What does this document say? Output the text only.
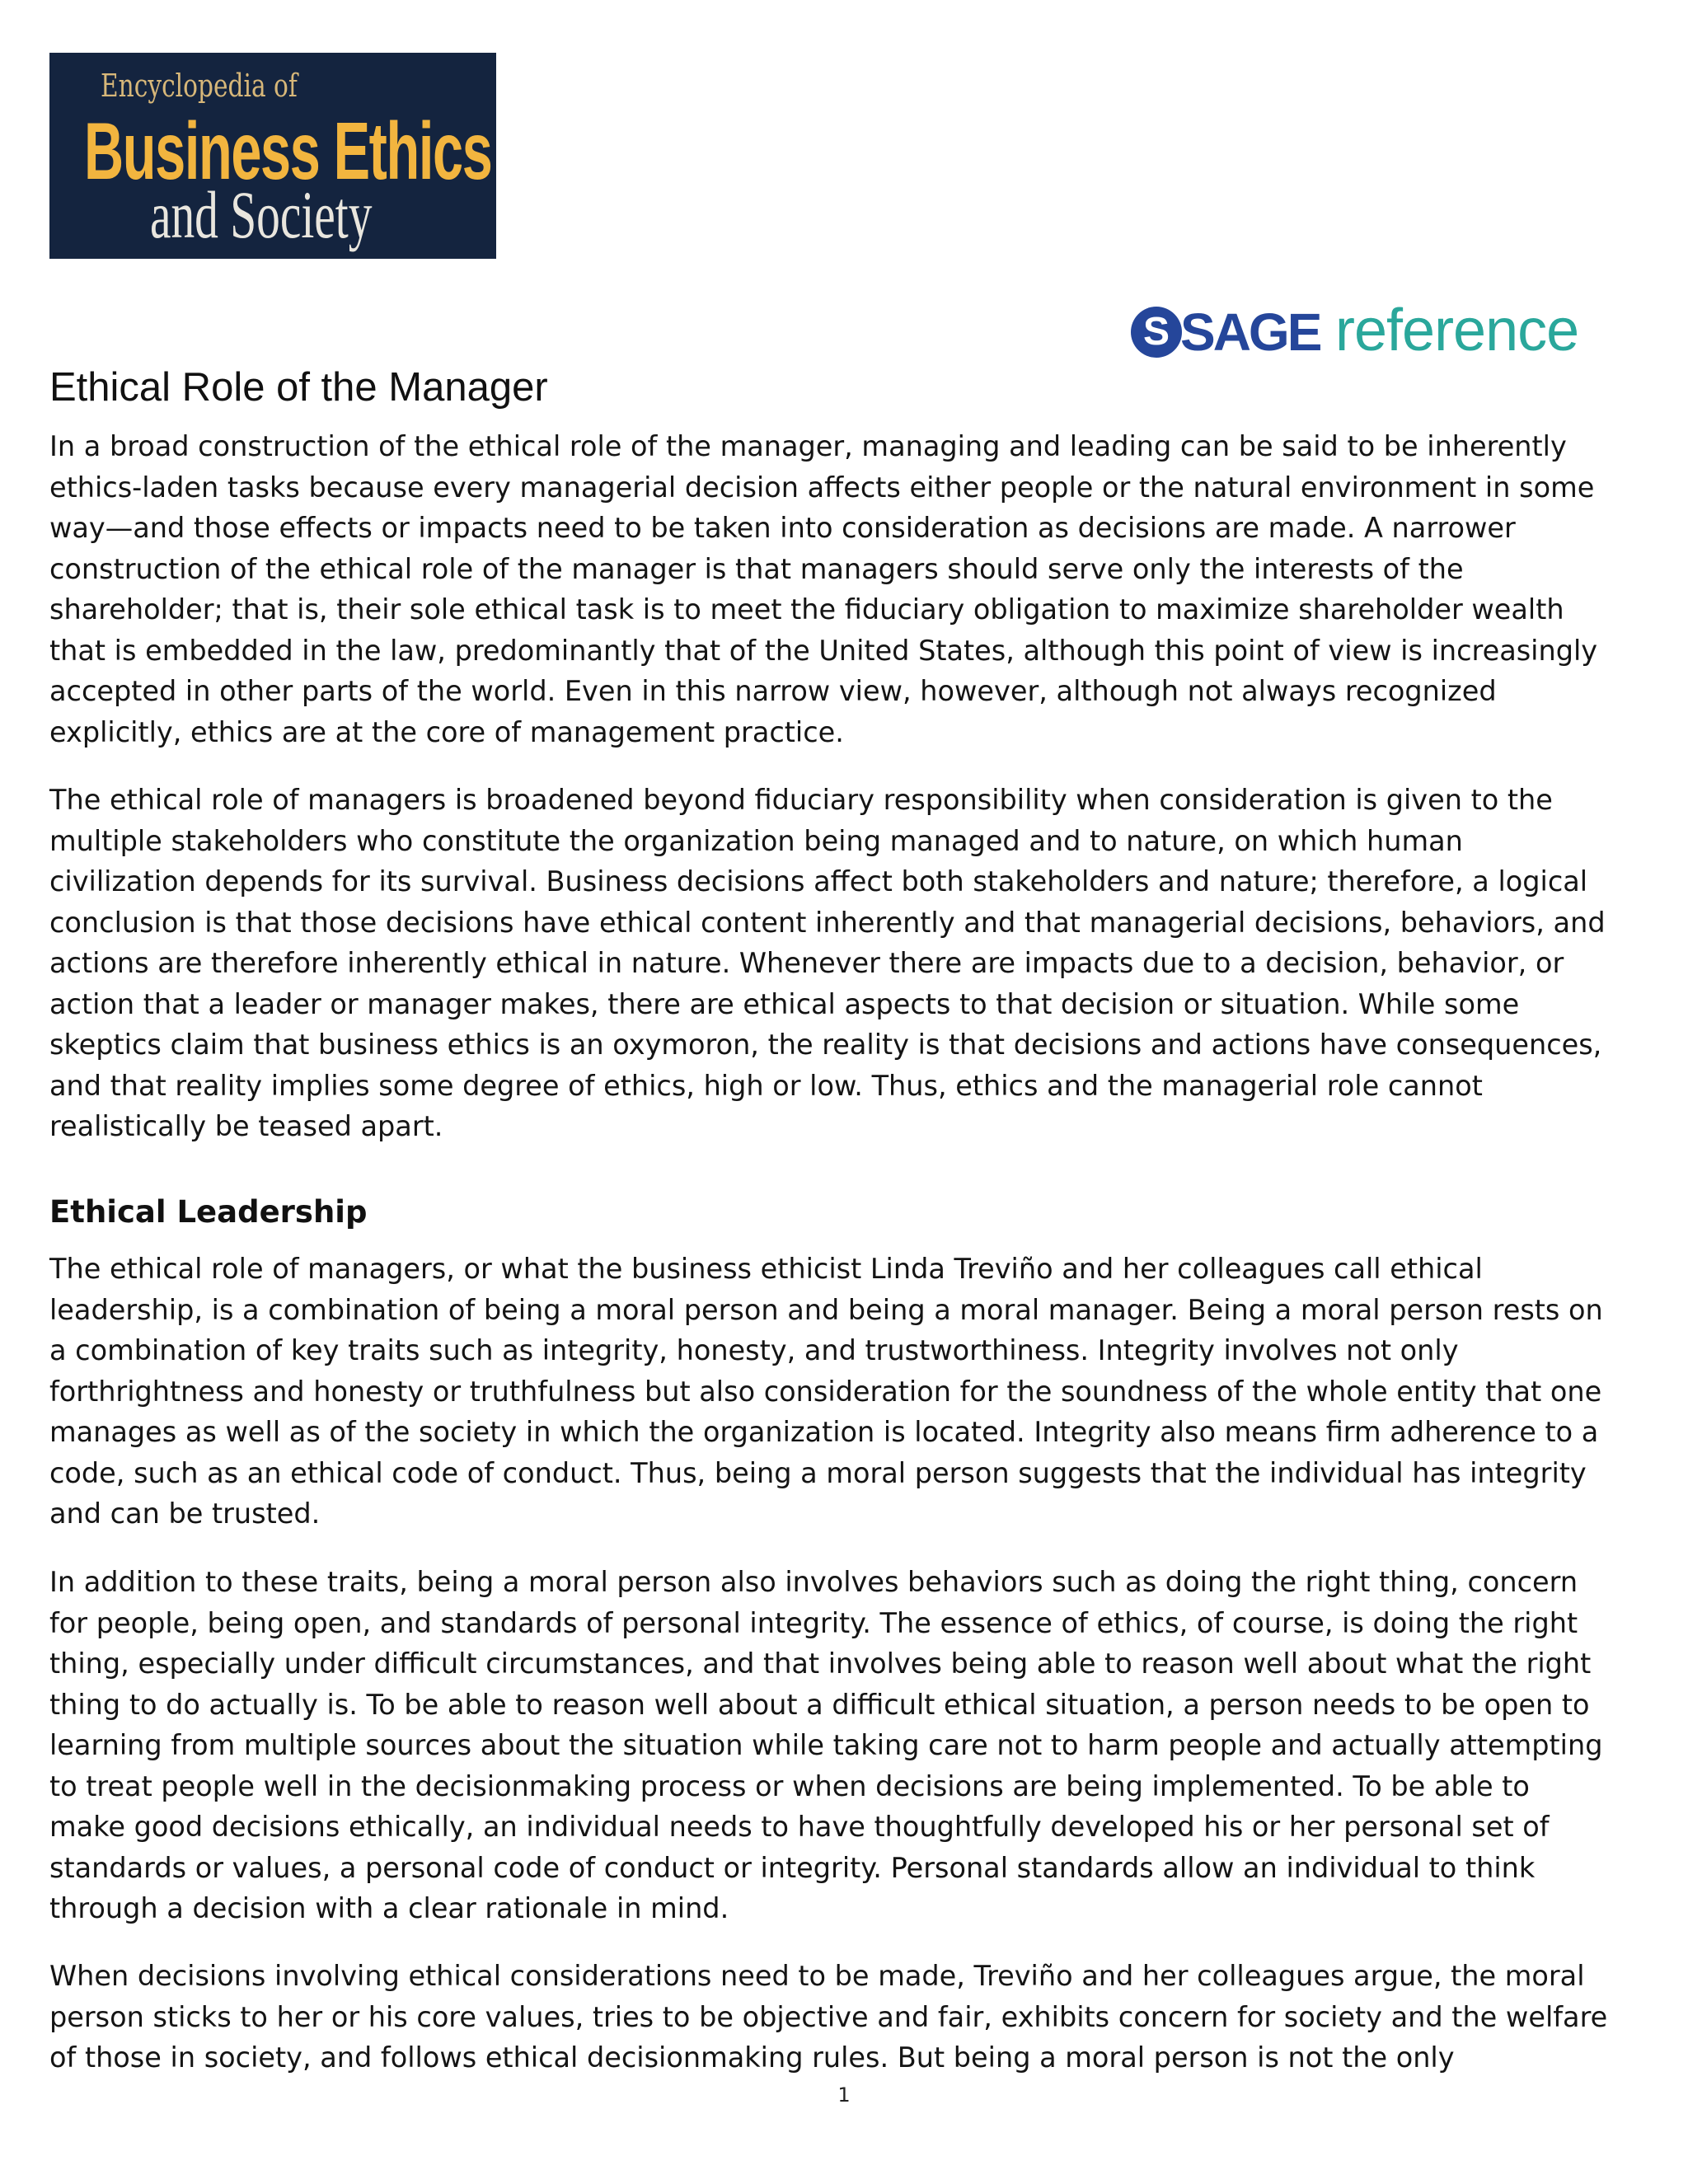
Encyclopedia of
Business Ethics
and Society
S SAGE reference
Ethical Role of the Manager

In a broad construction of the ethical role of the manager, managing and leading can be said to be inherently
ethics-laden tasks because every managerial decision affects either people or the natural environment in some
way—and those effects or impacts need to be taken into consideration as decisions are made. A narrower
construction of the ethical role of the manager is that managers should serve only the interests of the
shareholder; that is, their sole ethical task is to meet the fiduciary obligation to maximize shareholder wealth
that is embedded in the law, predominantly that of the United States, although this point of view is increasingly
accepted in other parts of the world. Even in this narrow view, however, although not always recognized
explicitly, ethics are at the core of management practice.

The ethical role of managers is broadened beyond fiduciary responsibility when consideration is given to the
multiple stakeholders who constitute the organization being managed and to nature, on which human
civilization depends for its survival. Business decisions affect both stakeholders and nature; therefore, a logical
conclusion is that those decisions have ethical content inherently and that managerial decisions, behaviors, and
actions are therefore inherently ethical in nature. Whenever there are impacts due to a decision, behavior, or
action that a leader or manager makes, there are ethical aspects to that decision or situation. While some
skeptics claim that business ethics is an oxymoron, the reality is that decisions and actions have consequences,
and that reality implies some degree of ethics, high or low. Thus, ethics and the managerial role cannot
realistically be teased apart.

Ethical Leadership

The ethical role of managers, or what the business ethicist Linda Treviño and her colleagues call ethical
leadership, is a combination of being a moral person and being a moral manager. Being a moral person rests on
a combination of key traits such as integrity, honesty, and trustworthiness. Integrity involves not only
forthrightness and honesty or truthfulness but also consideration for the soundness of the whole entity that one
manages as well as of the society in which the organization is located. Integrity also means firm adherence to a
code, such as an ethical code of conduct. Thus, being a moral person suggests that the individual has integrity
and can be trusted.

In addition to these traits, being a moral person also involves behaviors such as doing the right thing, concern
for people, being open, and standards of personal integrity. The essence of ethics, of course, is doing the right
thing, especially under difficult circumstances, and that involves being able to reason well about what the right
thing to do actually is. To be able to reason well about a difficult ethical situation, a person needs to be open to
learning from multiple sources about the situation while taking care not to harm people and actually attempting
to treat people well in the decisionmaking process or when decisions are being implemented. To be able to
make good decisions ethically, an individual needs to have thoughtfully developed his or her personal set of
standards or values, a personal code of conduct or integrity. Personal standards allow an individual to think
through a decision with a clear rationale in mind.

When decisions involving ethical considerations need to be made, Treviño and her colleagues argue, the moral
person sticks to her or his core values, tries to be objective and fair, exhibits concern for society and the welfare
of those in society, and follows ethical decisionmaking rules. But being a moral person is not the only

1
